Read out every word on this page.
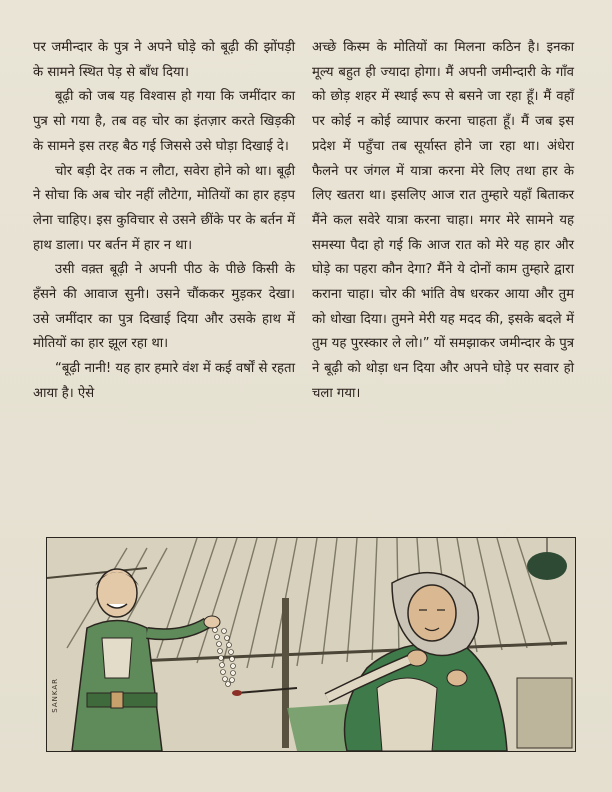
पर जमीन्दार के पुत्र ने अपने घोड़े को बूढ़ी की झोंपड़ी के सामने स्थित पेड़ से बाँध दिया।

बूढ़ी को जब यह विश्वास हो गया कि जमींदार का पुत्र सो गया है, तब वह चोर का इंतज़ार करते खिड़की के सामने इस तरह बैठ गई जिससे उसे घोड़ा दिखाई दे।

चोर बड़ी देर तक न लौटा, सवेरा होने को था। बूढ़ी ने सोचा कि अब चोर नहीं लौटेगा, मोतियों का हार हड़प लेना चाहिए। इस कुविचार से उसने छींके पर के बर्तन में हाथ डाला। पर बर्तन में हार न था।

उसी वक़्त बूढ़ी ने अपनी पीठ के पीछे किसी के हँसने की आवाज सुनी। उसने चौंककर मुड़कर देखा। उसे जमींदार का पुत्र दिखाई दिया और उसके हाथ में मोतियों का हार झूल रहा था।

“बूढ़ी नानी! यह हार हमारे वंश में कई वर्षों से रहता आया है। ऐसे

अच्छे किस्म के मोतियों का मिलना कठिन है। इनका मूल्य बहुत ही ज्यादा होगा। मैं अपनी जमीन्दारी के गाँव को छोड़ शहर में स्थाई रूप से बसने जा रहा हूँ। मैं वहाँ पर कोई न कोई व्यापार करना चाहता हूँ। मैं जब इस प्रदेश में पहुँचा तब सूर्यास्त होने जा रहा था। अंधेरा फैलने पर जंगल में यात्रा करना मेरे लिए तथा हार के लिए खतरा था। इसलिए आज रात तुम्हारे यहाँ बिताकर मैंने कल सवेरे यात्रा करना चाहा। मगर मेरे सामने यह समस्या पैदा हो गई कि आज रात को मेरे यह हार और घोड़े का पहरा कौन देगा? मैंने ये दोनों काम तुम्हारे द्वारा कराना चाहा। चोर की भांति वेष धरकर आया और तुम को धोखा दिया। तुमने मेरी यह मदद की, इसके बदले में तुम यह पुरस्कार ले लो।” यों समझाकर जमीन्दार के पुत्र ने बूढ़ी को थोड़ा धन दिया और अपने घोड़े पर सवार हो चला गया।

SANKAR
